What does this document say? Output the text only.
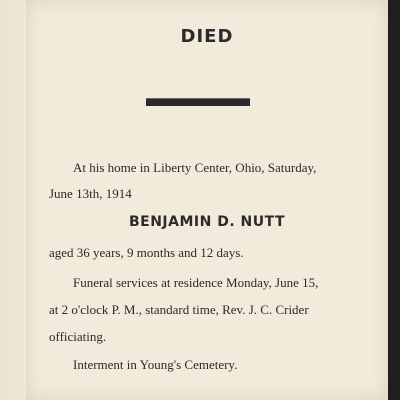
DIED
At his home in Liberty Center, Ohio, Saturday,
June 13th, 1914
BENJAMIN D. NUTT
aged 36 years, 9 months and 12 days.
Funeral services at residence Monday, June 15,
at 2 o'clock P. M., standard time, Rev. J. C. Crider
officiating.
Interment in Young's Cemetery.
